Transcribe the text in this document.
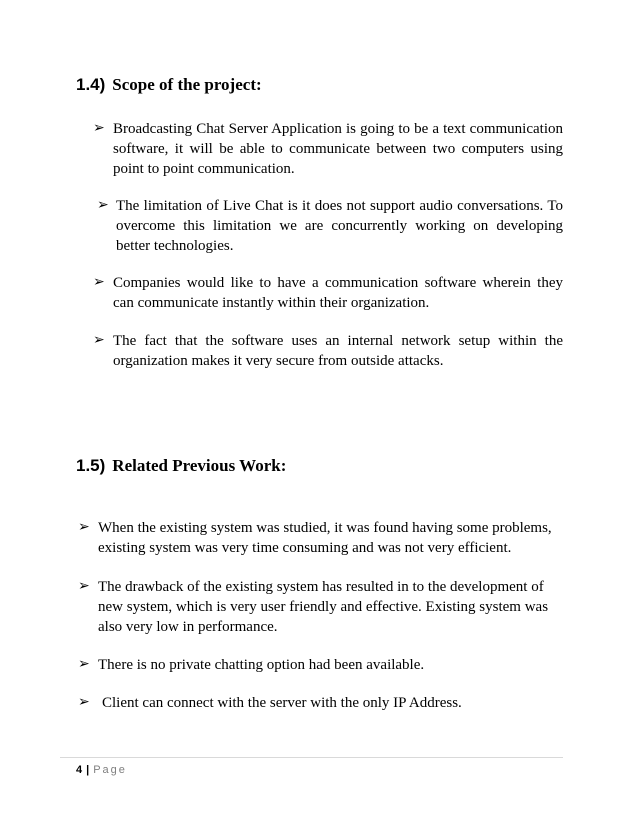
1.4) Scope of the project:
➢ Broadcasting Chat Server Application is going to be a text communication software, it will be able to communicate between two computers using point to point communication.
➢ The limitation of Live Chat is it does not support audio conversations. To overcome this limitation we are concurrently working on developing better technologies.
➢ Companies would like to have a communication software wherein they can communicate instantly within their organization.
➢ The fact that the software uses an internal network setup within the organization makes it very secure from outside attacks.
1.5) Related Previous Work:
➢ When the existing system was studied, it was found having some problems, existing system was very time consuming and was not very efficient.
➢ The drawback of the existing system has resulted in to the development of new system, which is very user friendly and effective. Existing system was also very low in performance.
➢ There is no private chatting option had been available.
➢ Client can connect with the server with the only IP Address.
4 | Page
